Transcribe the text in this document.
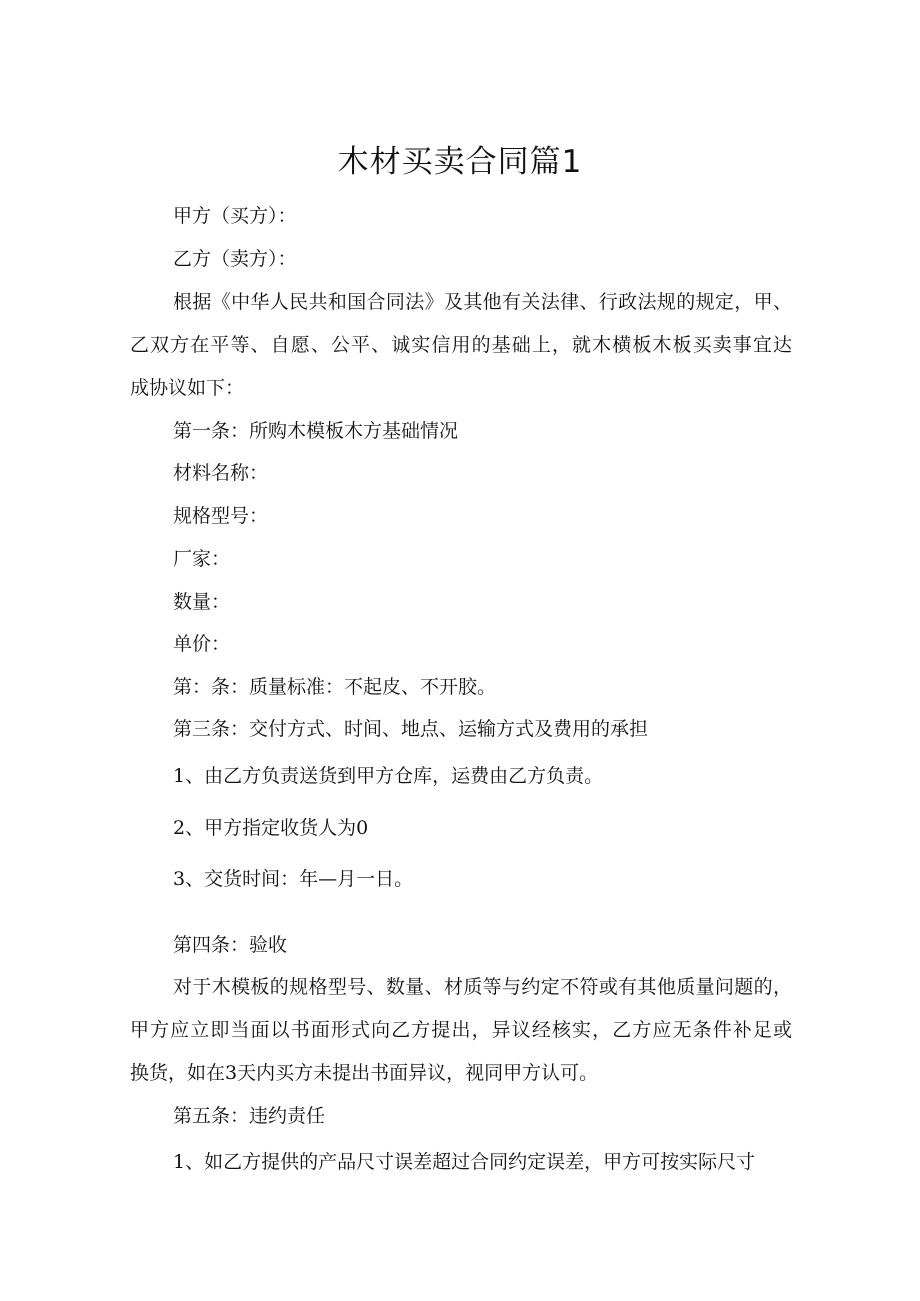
木材买卖合同篇1

甲方（买方）：

乙方（卖方）：

根据《中华人民共和国合同法》及其他有关法律、行政法规的规定，甲、

乙双方在平等、自愿、公平、诚实信用的基础上，就木横板木板买卖事宜达

成协议如下：

第一条：所购木模板木方基础情况

材料名称：

规格型号：

厂家：

数量：

单价：

第：条：质量标准：不起皮、不开胶。

第三条：交付方式、时间、地点、运输方式及费用的承担

1、由乙方负责送货到甲方仓库，运费由乙方负责。

2、甲方指定收货人为0

3、交货时间：年—月一日。

第四条：验收

对于木模板的规格型号、数量、材质等与约定不符或有其他质量问题的，

甲方应立即当面以书面形式向乙方提出，异议经核实，乙方应无条件补足或

换货，如在3天内买方未提出书面异议，视同甲方认可。

第五条：违约责任

1、如乙方提供的产品尺寸误差超过合同约定误差，甲方可按实际尺寸
